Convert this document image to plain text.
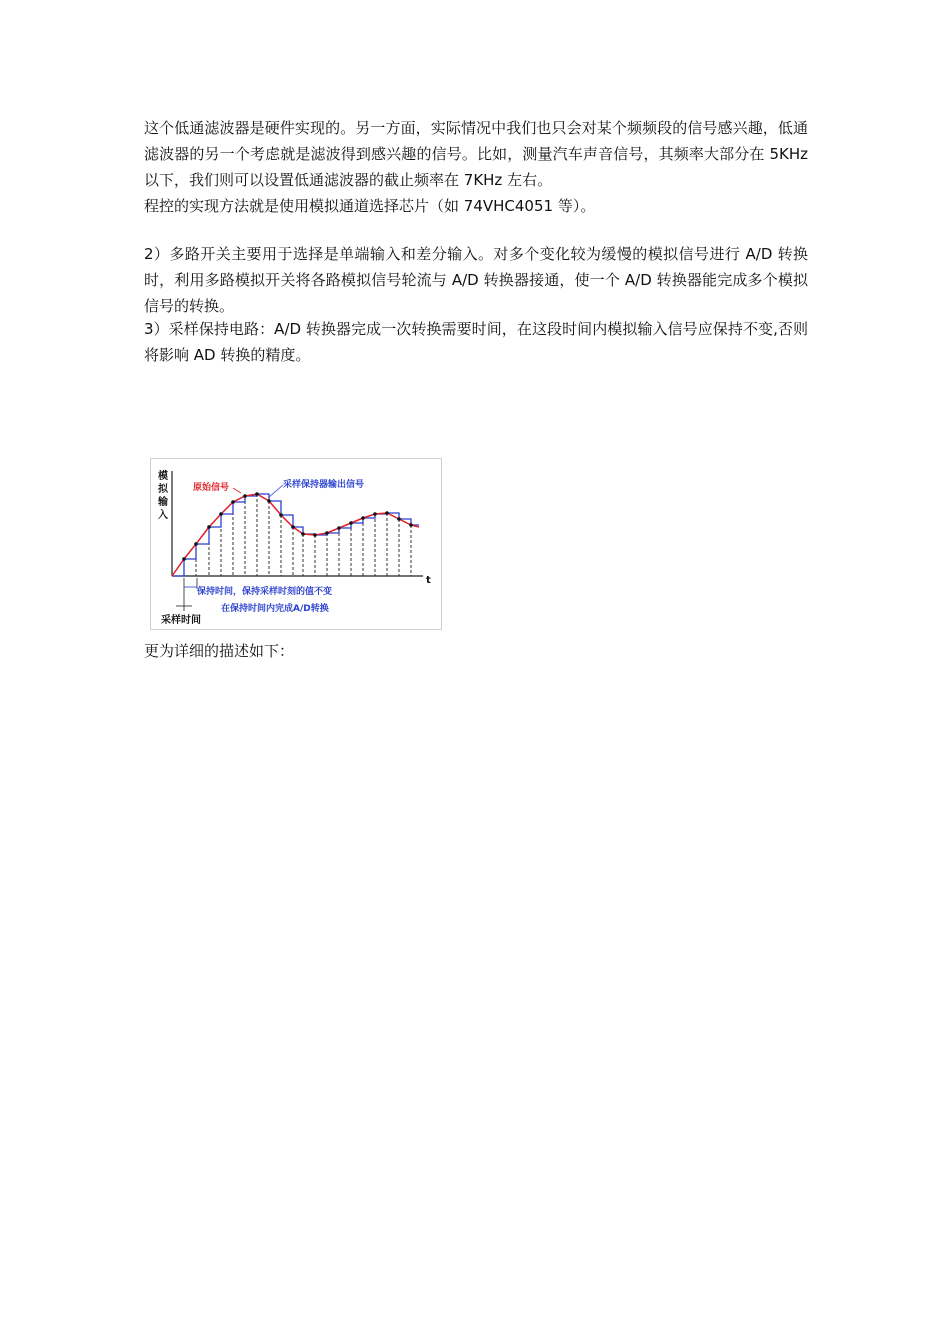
这个低通滤波器是硬件实现的。另一方面，实际情况中我们也只会对某个频频段的信号感兴趣，低通滤波器的另一个考虑就是滤波得到感兴趣的信号。比如，测量汽车声音信号，其频率大部分在 5KHz 以下，我们则可以设置低通滤波器的截止频率在 7KHz 左右。

程控的实现方法就是使用模拟通道选择芯片（如 74VHC4051 等）。

2）多路开关主要用于选择是单端输入和差分输入。对多个变化较为缓慢的模拟信号进行 A/D 转换时，利用多路模拟开关将各路模拟信号轮流与 A/D 转换器接通，使一个 A/D 转换器能完成多个模拟信号的转换。

3）采样保持电路：A/D 转换器完成一次转换需要时间，在这段时间内模拟输入信号应保持不变,否则将影响 AD 转换的精度。

模
拟
输
入
t
原始信号	采样保持器输出信号
保持时间，保持采样时刻的值不变
在保持时间内完成A/D转换
采样时间

更为详细的描述如下：
